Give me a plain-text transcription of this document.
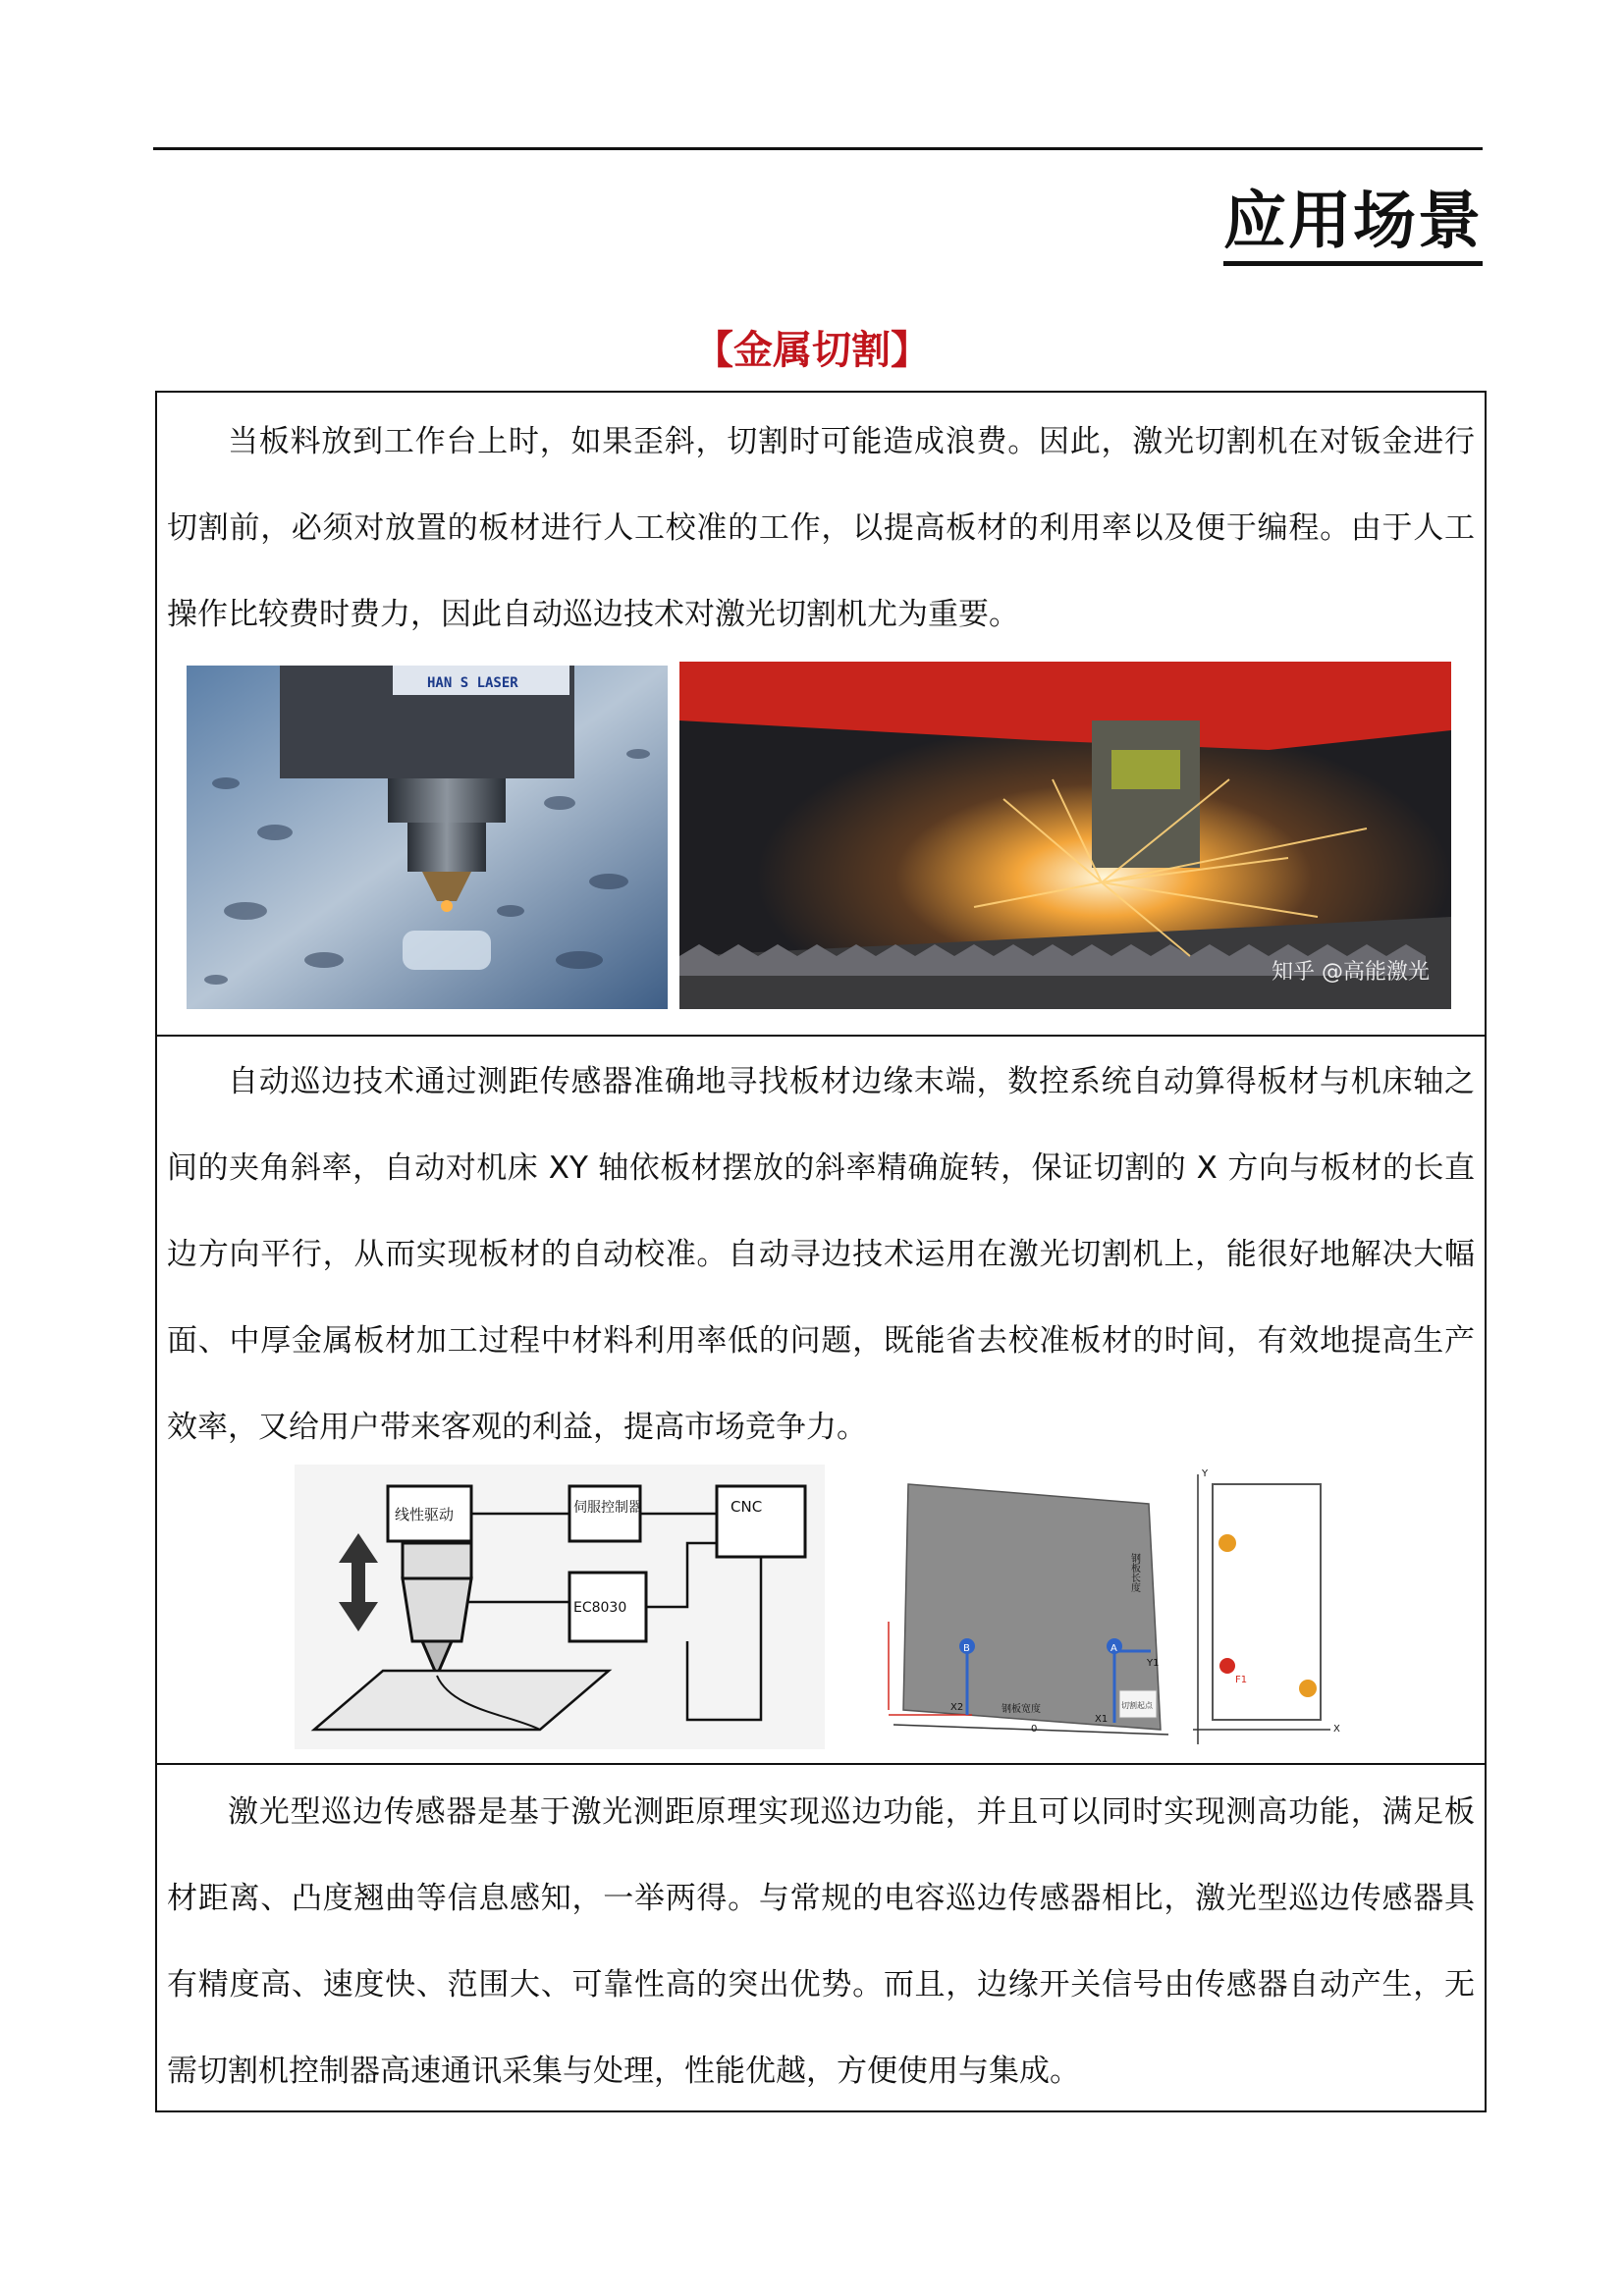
应用场景
【金属切割】

当板料放到工作台上时，如果歪斜，切割时可能造成浪费。因此，激光切割机在对钣金进行切割前，必须对放置的板材进行人工校准的工作，以提高板材的利用率以及便于编程。由于人工操作比较费时费力，因此自动巡边技术对激光切割机尤为重要。

HAN S LASER
知乎 @高能激光

自动巡边技术通过测距传感器准确地寻找板材边缘末端，数控系统自动算得板材与机床轴之间的夹角斜率，自动对机床 XY 轴依板材摆放的斜率精确旋转，保证切割的 X 方向与板材的长直边方向平行，从而实现板材的自动校准。自动寻边技术运用在激光切割机上，能很好地解决大幅面、中厚金属板材加工过程中材料利用率低的问题，既能省去校准板材的时间，有效地提高生产效率，又给用户带来客观的利益，提高市场竞争力。

线性驱动	伺服控制器	CNC
EC8030
B	A
X2
X1
Y1
钢板宽度
0
钢板长度
切割起点
Y
X
F1

激光型巡边传感器是基于激光测距原理实现巡边功能，并且可以同时实现测高功能，满足板材距离、凸度翘曲等信息感知，一举两得。与常规的电容巡边传感器相比，激光型巡边传感器具有精度高、速度快、范围大、可靠性高的突出优势。而且，边缘开关信号由传感器自动产生，无需切割机控制器高速通讯采集与处理，性能优越，方便使用与集成。
